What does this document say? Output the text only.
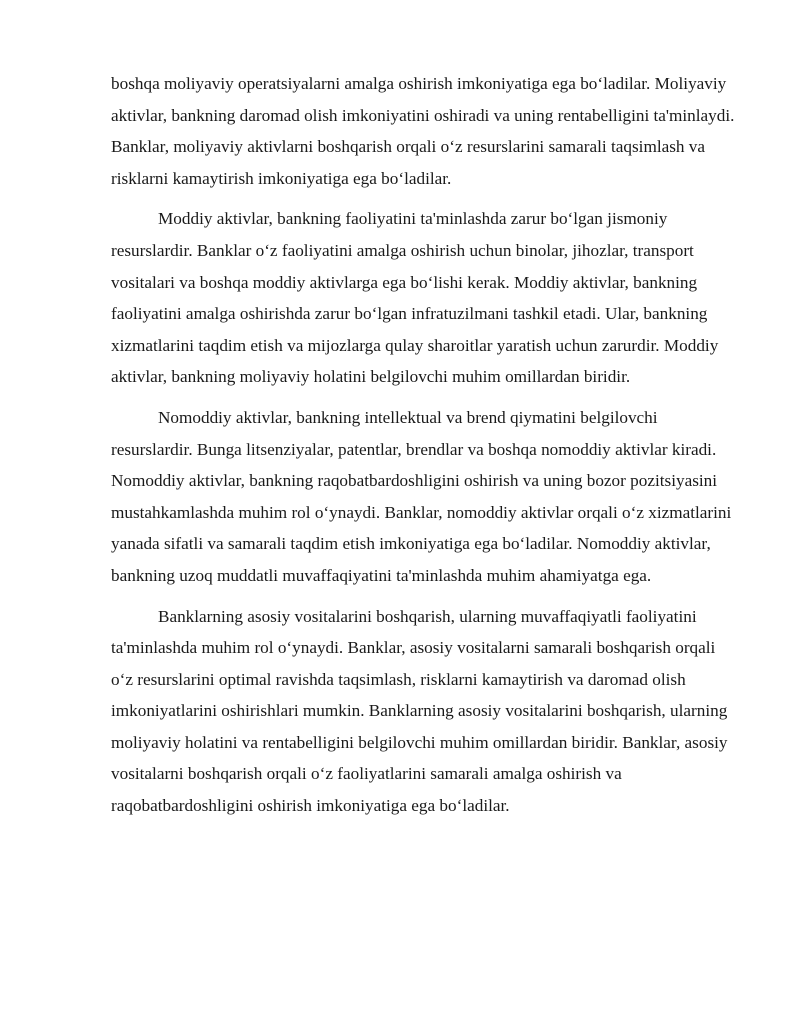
boshqa moliyaviy operatsiyalarni amalga oshirish imkoniyatiga ega bo‘ladilar. Moliyaviy aktivlar, bankning daromad olish imkoniyatini oshiradi va uning rentabelligini ta'minlaydi. Banklar, moliyaviy aktivlarni boshqarish orqali o‘z resurslarini samarali taqsimlash va risklarni kamaytirish imkoniyatiga ega bo‘ladilar.

Moddiy aktivlar, bankning faoliyatini ta'minlashda zarur bo‘lgan jismoniy resurslardir. Banklar o‘z faoliyatini amalga oshirish uchun binolar, jihozlar, transport vositalari va boshqa moddiy aktivlarga ega bo‘lishi kerak. Moddiy aktivlar, bankning faoliyatini amalga oshirishda zarur bo‘lgan infratuzilmani tashkil etadi. Ular, bankning xizmatlarini taqdim etish va mijozlarga qulay sharoitlar yaratish uchun zarurdir. Moddiy aktivlar, bankning moliyaviy holatini belgilovchi muhim omillardan biridir.

Nomoddiy aktivlar, bankning intellektual va brend qiymatini belgilovchi resurslardir. Bunga litsenziyalar, patentlar, brendlar va boshqa nomoddiy aktivlar kiradi. Nomoddiy aktivlar, bankning raqobatbardoshligini oshirish va uning bozor pozitsiyasini mustahkamlashda muhim rol o‘ynaydi. Banklar, nomoddiy aktivlar orqali o‘z xizmatlarini yanada sifatli va samarali taqdim etish imkoniyatiga ega bo‘ladilar. Nomoddiy aktivlar, bankning uzoq muddatli muvaffaqiyatini ta'minlashda muhim ahamiyatga ega.

Banklarning asosiy vositalarini boshqarish, ularning muvaffaqiyatli faoliyatini ta'minlashda muhim rol o‘ynaydi. Banklar, asosiy vositalarni samarali boshqarish orqali o‘z resurslarini optimal ravishda taqsimlash, risklarni kamaytirish va daromad olish imkoniyatlarini oshirishlari mumkin. Banklarning asosiy vositalarini boshqarish, ularning moliyaviy holatini va rentabelligini belgilovchi muhim omillardan biridir. Banklar, asosiy vositalarni boshqarish orqali o‘z faoliyatlarini samarali amalga oshirish va raqobatbardoshligini oshirish imkoniyatiga ega bo‘ladilar.
